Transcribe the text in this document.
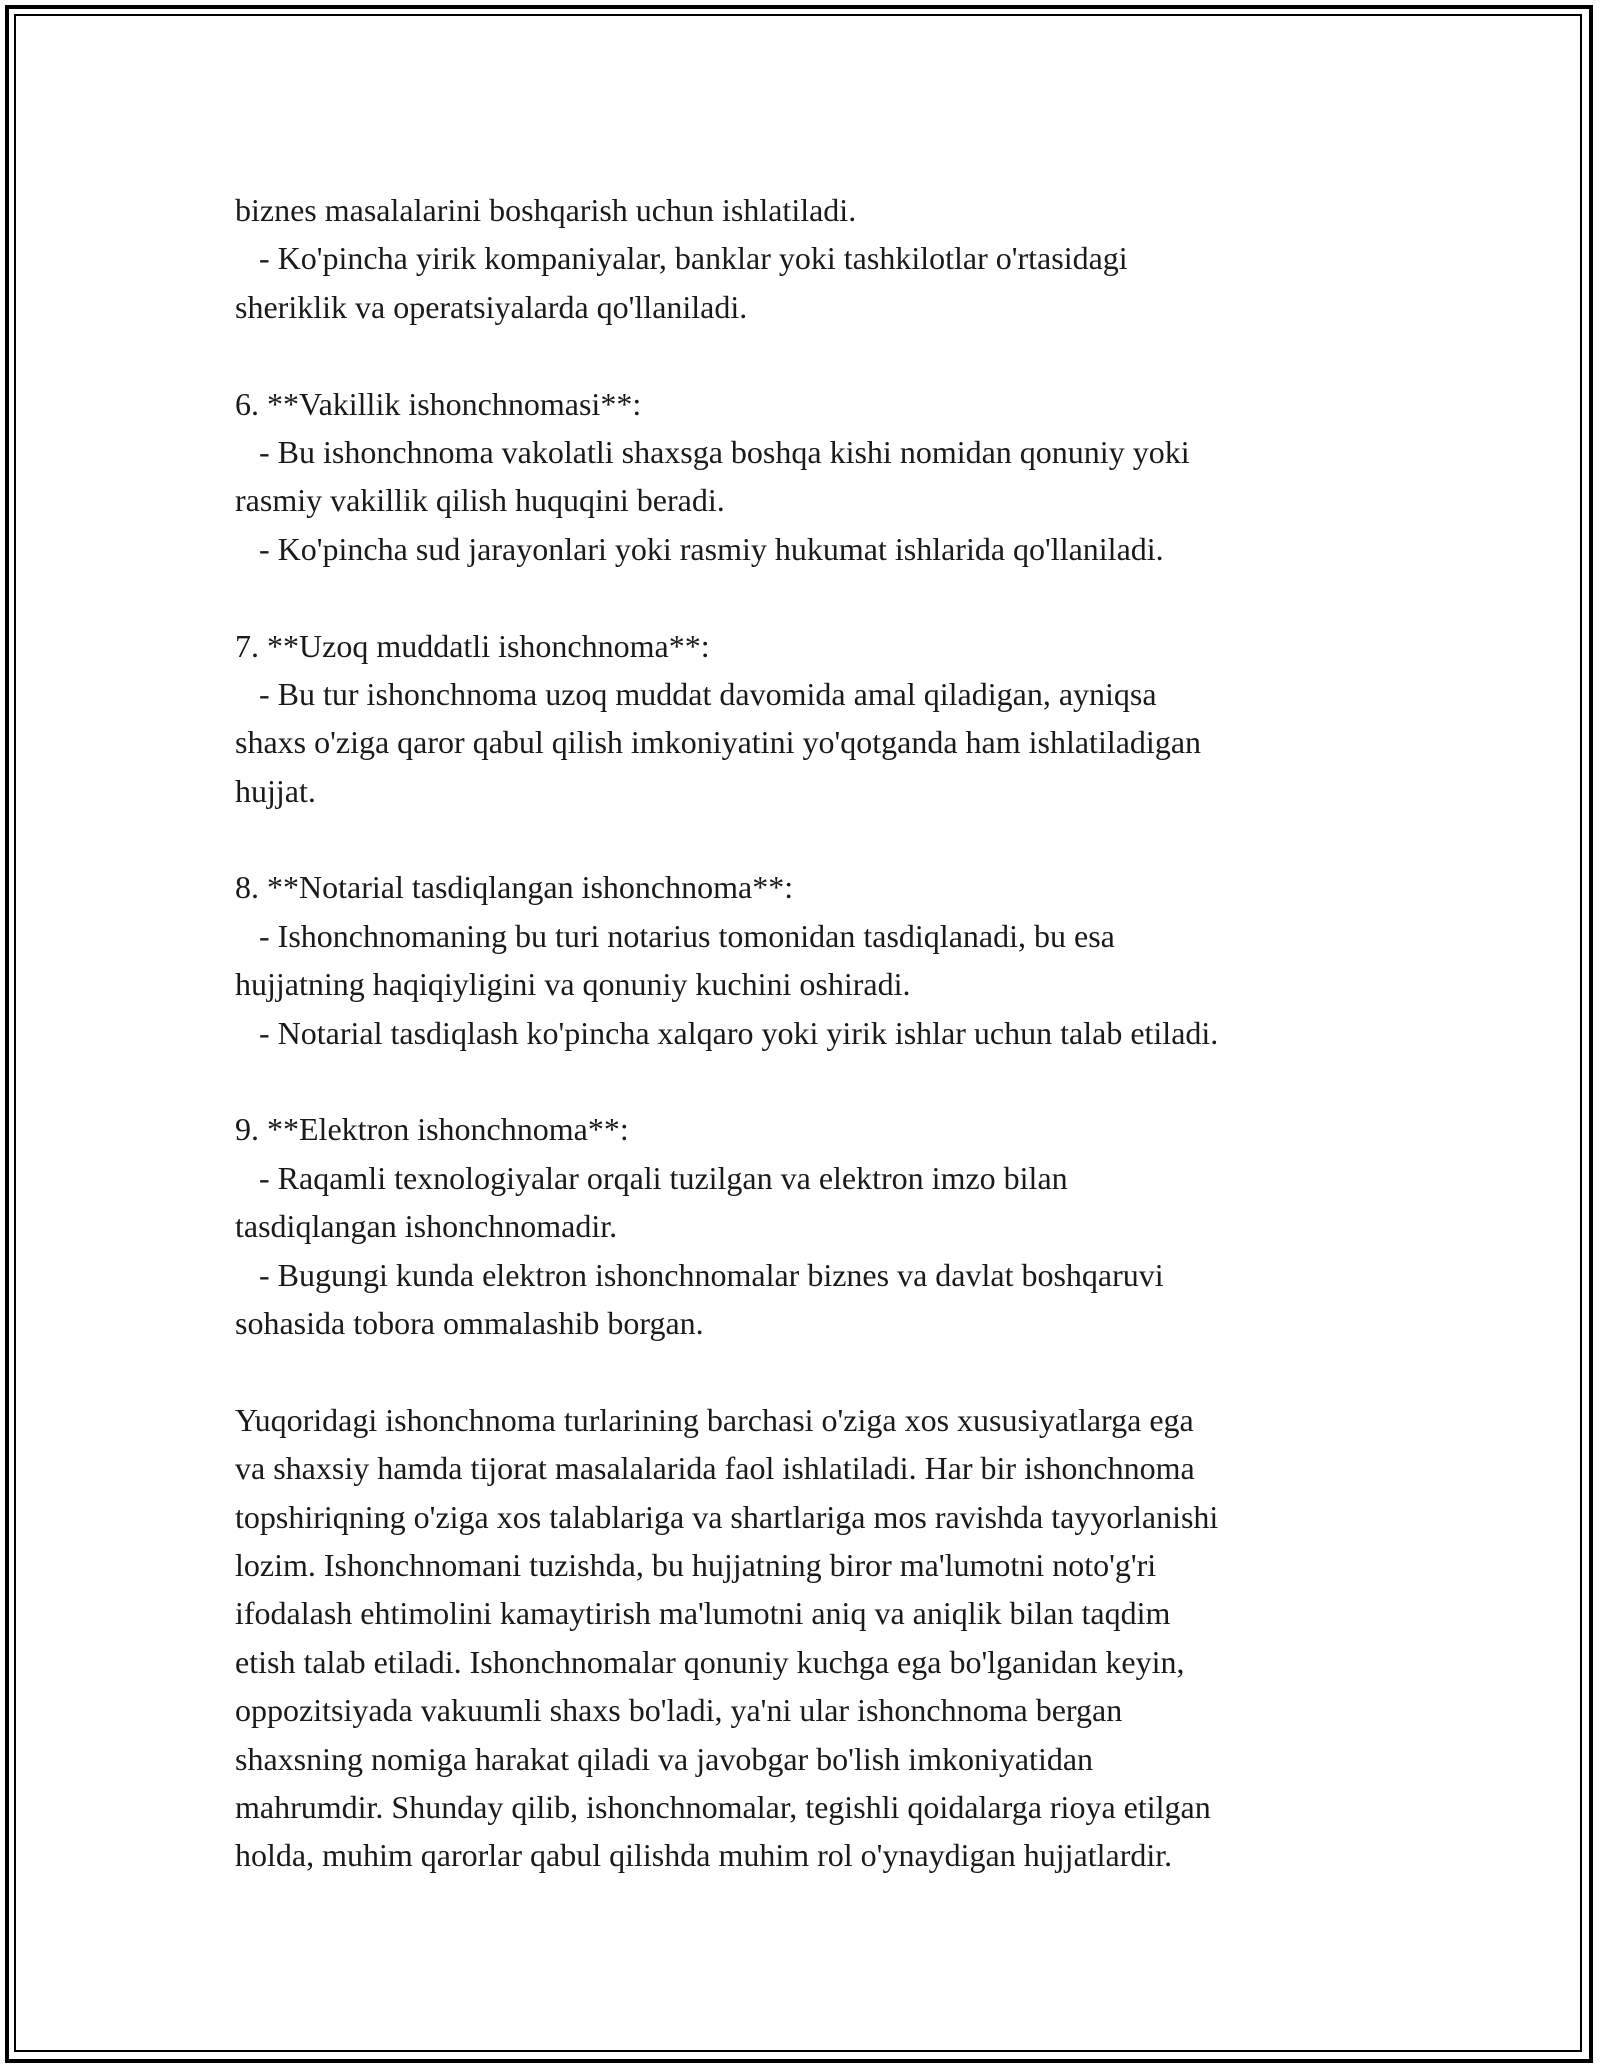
biznes masalalarini boshqarish uchun ishlatiladi.
- Ko'pincha yirik kompaniyalar, banklar yoki tashkilotlar o'rtasidagi
sheriklik va operatsiyalarda qo'llaniladi.
6. **Vakillik ishonchnomasi**:
- Bu ishonchnoma vakolatli shaxsga boshqa kishi nomidan qonuniy yoki
rasmiy vakillik qilish huquqini beradi.
- Ko'pincha sud jarayonlari yoki rasmiy hukumat ishlarida qo'llaniladi.
7. **Uzoq muddatli ishonchnoma**:
- Bu tur ishonchnoma uzoq muddat davomida amal qiladigan, ayniqsa
shaxs o'ziga qaror qabul qilish imkoniyatini yo'qotganda ham ishlatiladigan
hujjat.
8. **Notarial tasdiqlangan ishonchnoma**:
- Ishonchnomaning bu turi notarius tomonidan tasdiqlanadi, bu esa
hujjatning haqiqiyligini va qonuniy kuchini oshiradi.
- Notarial tasdiqlash ko'pincha xalqaro yoki yirik ishlar uchun talab etiladi.
9. **Elektron ishonchnoma**:
- Raqamli texnologiyalar orqali tuzilgan va elektron imzo bilan
tasdiqlangan ishonchnomadir.
- Bugungi kunda elektron ishonchnomalar biznes va davlat boshqaruvi
sohasida tobora ommalashib borgan.
Yuqoridagi ishonchnoma turlarining barchasi o'ziga xos xususiyatlarga ega
va shaxsiy hamda tijorat masalalarida faol ishlatiladi. Har bir ishonchnoma
topshiriqning o'ziga xos talablariga va shartlariga mos ravishda tayyorlanishi
lozim. Ishonchnomani tuzishda, bu hujjatning biror ma'lumotni noto'g'ri
ifodalash ehtimolini kamaytirish ma'lumotni aniq va aniqlik bilan taqdim
etish talab etiladi. Ishonchnomalar qonuniy kuchga ega bo'lganidan keyin,
oppozitsiyada vakuumli shaxs bo'ladi, ya'ni ular ishonchnoma bergan
shaxsning nomiga harakat qiladi va javobgar bo'lish imkoniyatidan
mahrumdir. Shunday qilib, ishonchnomalar, tegishli qoidalarga rioya etilgan
holda, muhim qarorlar qabul qilishda muhim rol o'ynaydigan hujjatlardir.
